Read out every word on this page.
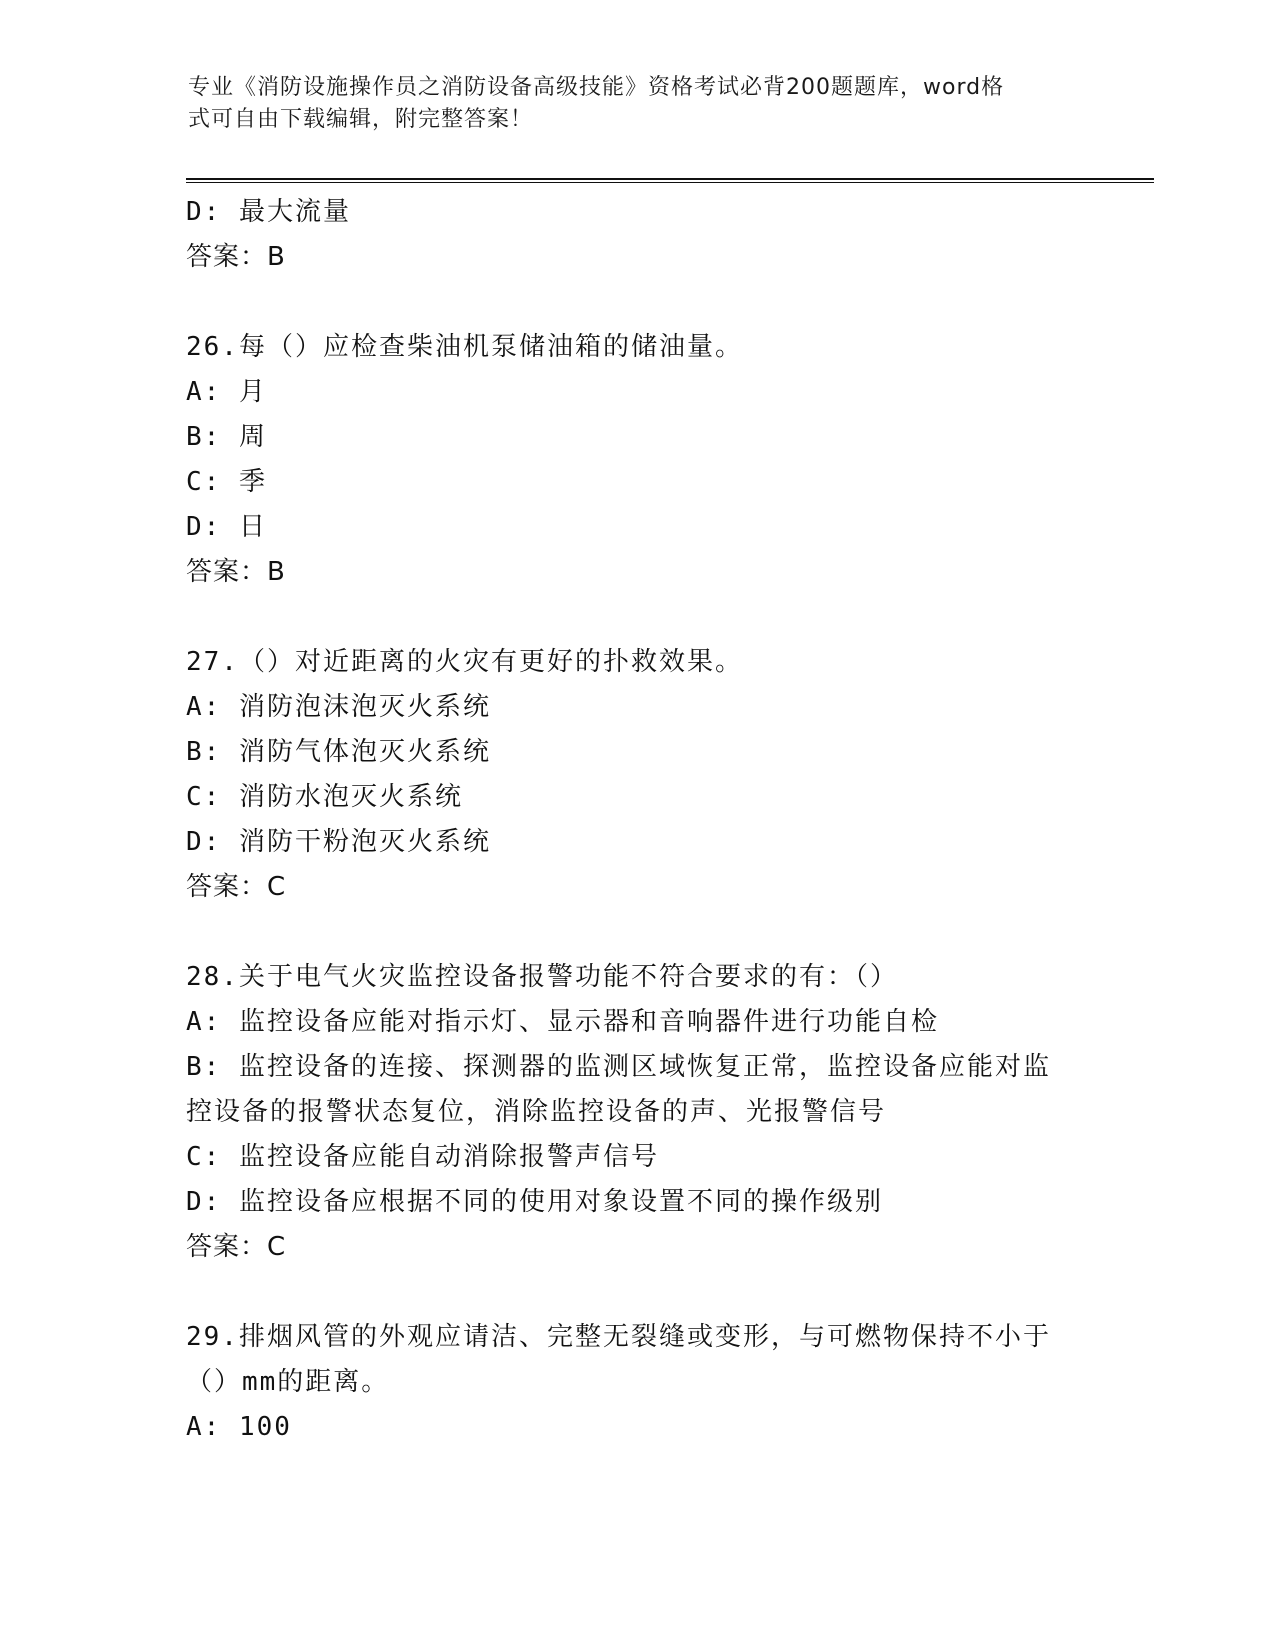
专业《消防设施操作员之消防设备高级技能》资格考试必背200题题库，word格
式可自由下载编辑，附完整答案！
D: 最大流量
答案：B
26.每（）应检查柴油机泵储油箱的储油量。
A: 月
B: 周
C: 季
D: 日
答案：B
27.（）对近距离的火灾有更好的扑救效果。
A: 消防泡沫泡灭火系统
B: 消防气体泡灭火系统
C: 消防水泡灭火系统
D: 消防干粉泡灭火系统
答案：C
28.关于电气火灾监控设备报警功能不符合要求的有：（）
A: 监控设备应能对指示灯、显示器和音响器件进行功能自检
B: 监控设备的连接、探测器的监测区域恢复正常，监控设备应能对监
控设备的报警状态复位，消除监控设备的声、光报警信号
C: 监控设备应能自动消除报警声信号
D: 监控设备应根据不同的使用对象设置不同的操作级别
答案：C
29.排烟风管的外观应请洁、完整无裂缝或变形，与可燃物保持不小于
（）mm的距离。
A: 100
